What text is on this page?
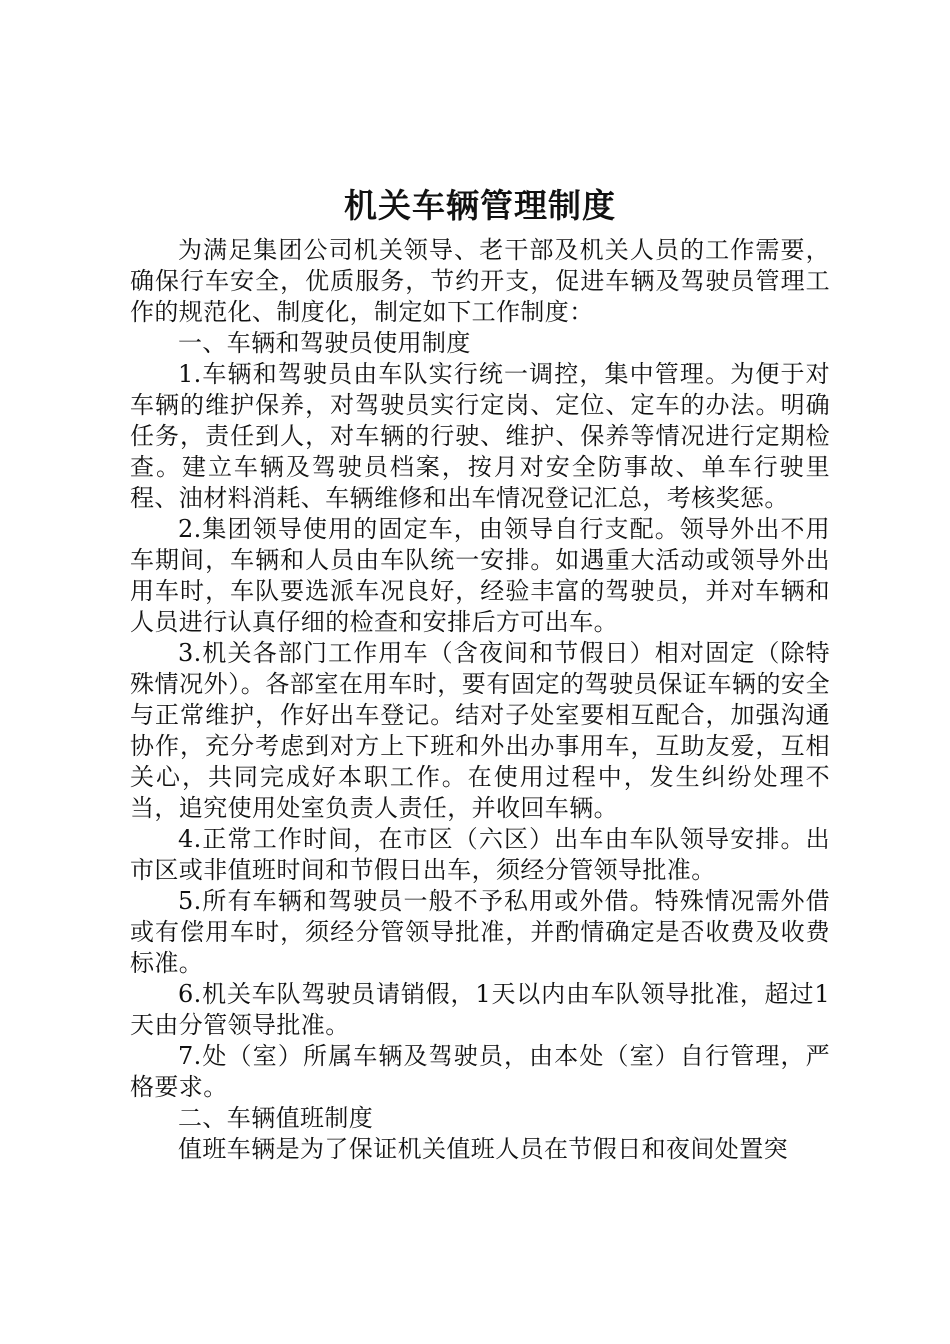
机关车辆管理制度

为满足集团公司机关领导、老干部及机关人员的工作需要，确保行车安全，优质服务，节约开支，促进车辆及驾驶员管理工作的规范化、制度化，制定如下工作制度：

一、车辆和驾驶员使用制度

1.车辆和驾驶员由车队实行统一调控，集中管理。为便于对车辆的维护保养，对驾驶员实行定岗、定位、定车的办法。明确任务，责任到人，对车辆的行驶、维护、保养等情况进行定期检查。建立车辆及驾驶员档案，按月对安全防事故、单车行驶里程、油材料消耗、车辆维修和出车情况登记汇总，考核奖惩。

2.集团领导使用的固定车，由领导自行支配。领导外出不用车期间，车辆和人员由车队统一安排。如遇重大活动或领导外出用车时，车队要选派车况良好，经验丰富的驾驶员，并对车辆和人员进行认真仔细的检查和安排后方可出车。

3.机关各部门工作用车（含夜间和节假日）相对固定（除特殊情况外）。各部室在用车时，要有固定的驾驶员保证车辆的安全与正常维护，作好出车登记。结对子处室要相互配合，加强沟通协作，充分考虑到对方上下班和外出办事用车，互助友爱，互相关心，共同完成好本职工作。在使用过程中，发生纠纷处理不当，追究使用处室负责人责任，并收回车辆。

4.正常工作时间，在市区（六区）出车由车队领导安排。出市区或非值班时间和节假日出车，须经分管领导批准。

5.所有车辆和驾驶员一般不予私用或外借。特殊情况需外借或有偿用车时，须经分管领导批准，并酌情确定是否收费及收费标准。

6.机关车队驾驶员请销假，1天以内由车队领导批准，超过1天由分管领导批准。

7.处（室）所属车辆及驾驶员，由本处（室）自行管理，严格要求。

二、车辆值班制度

值班车辆是为了保证机关值班人员在节假日和夜间处置突
